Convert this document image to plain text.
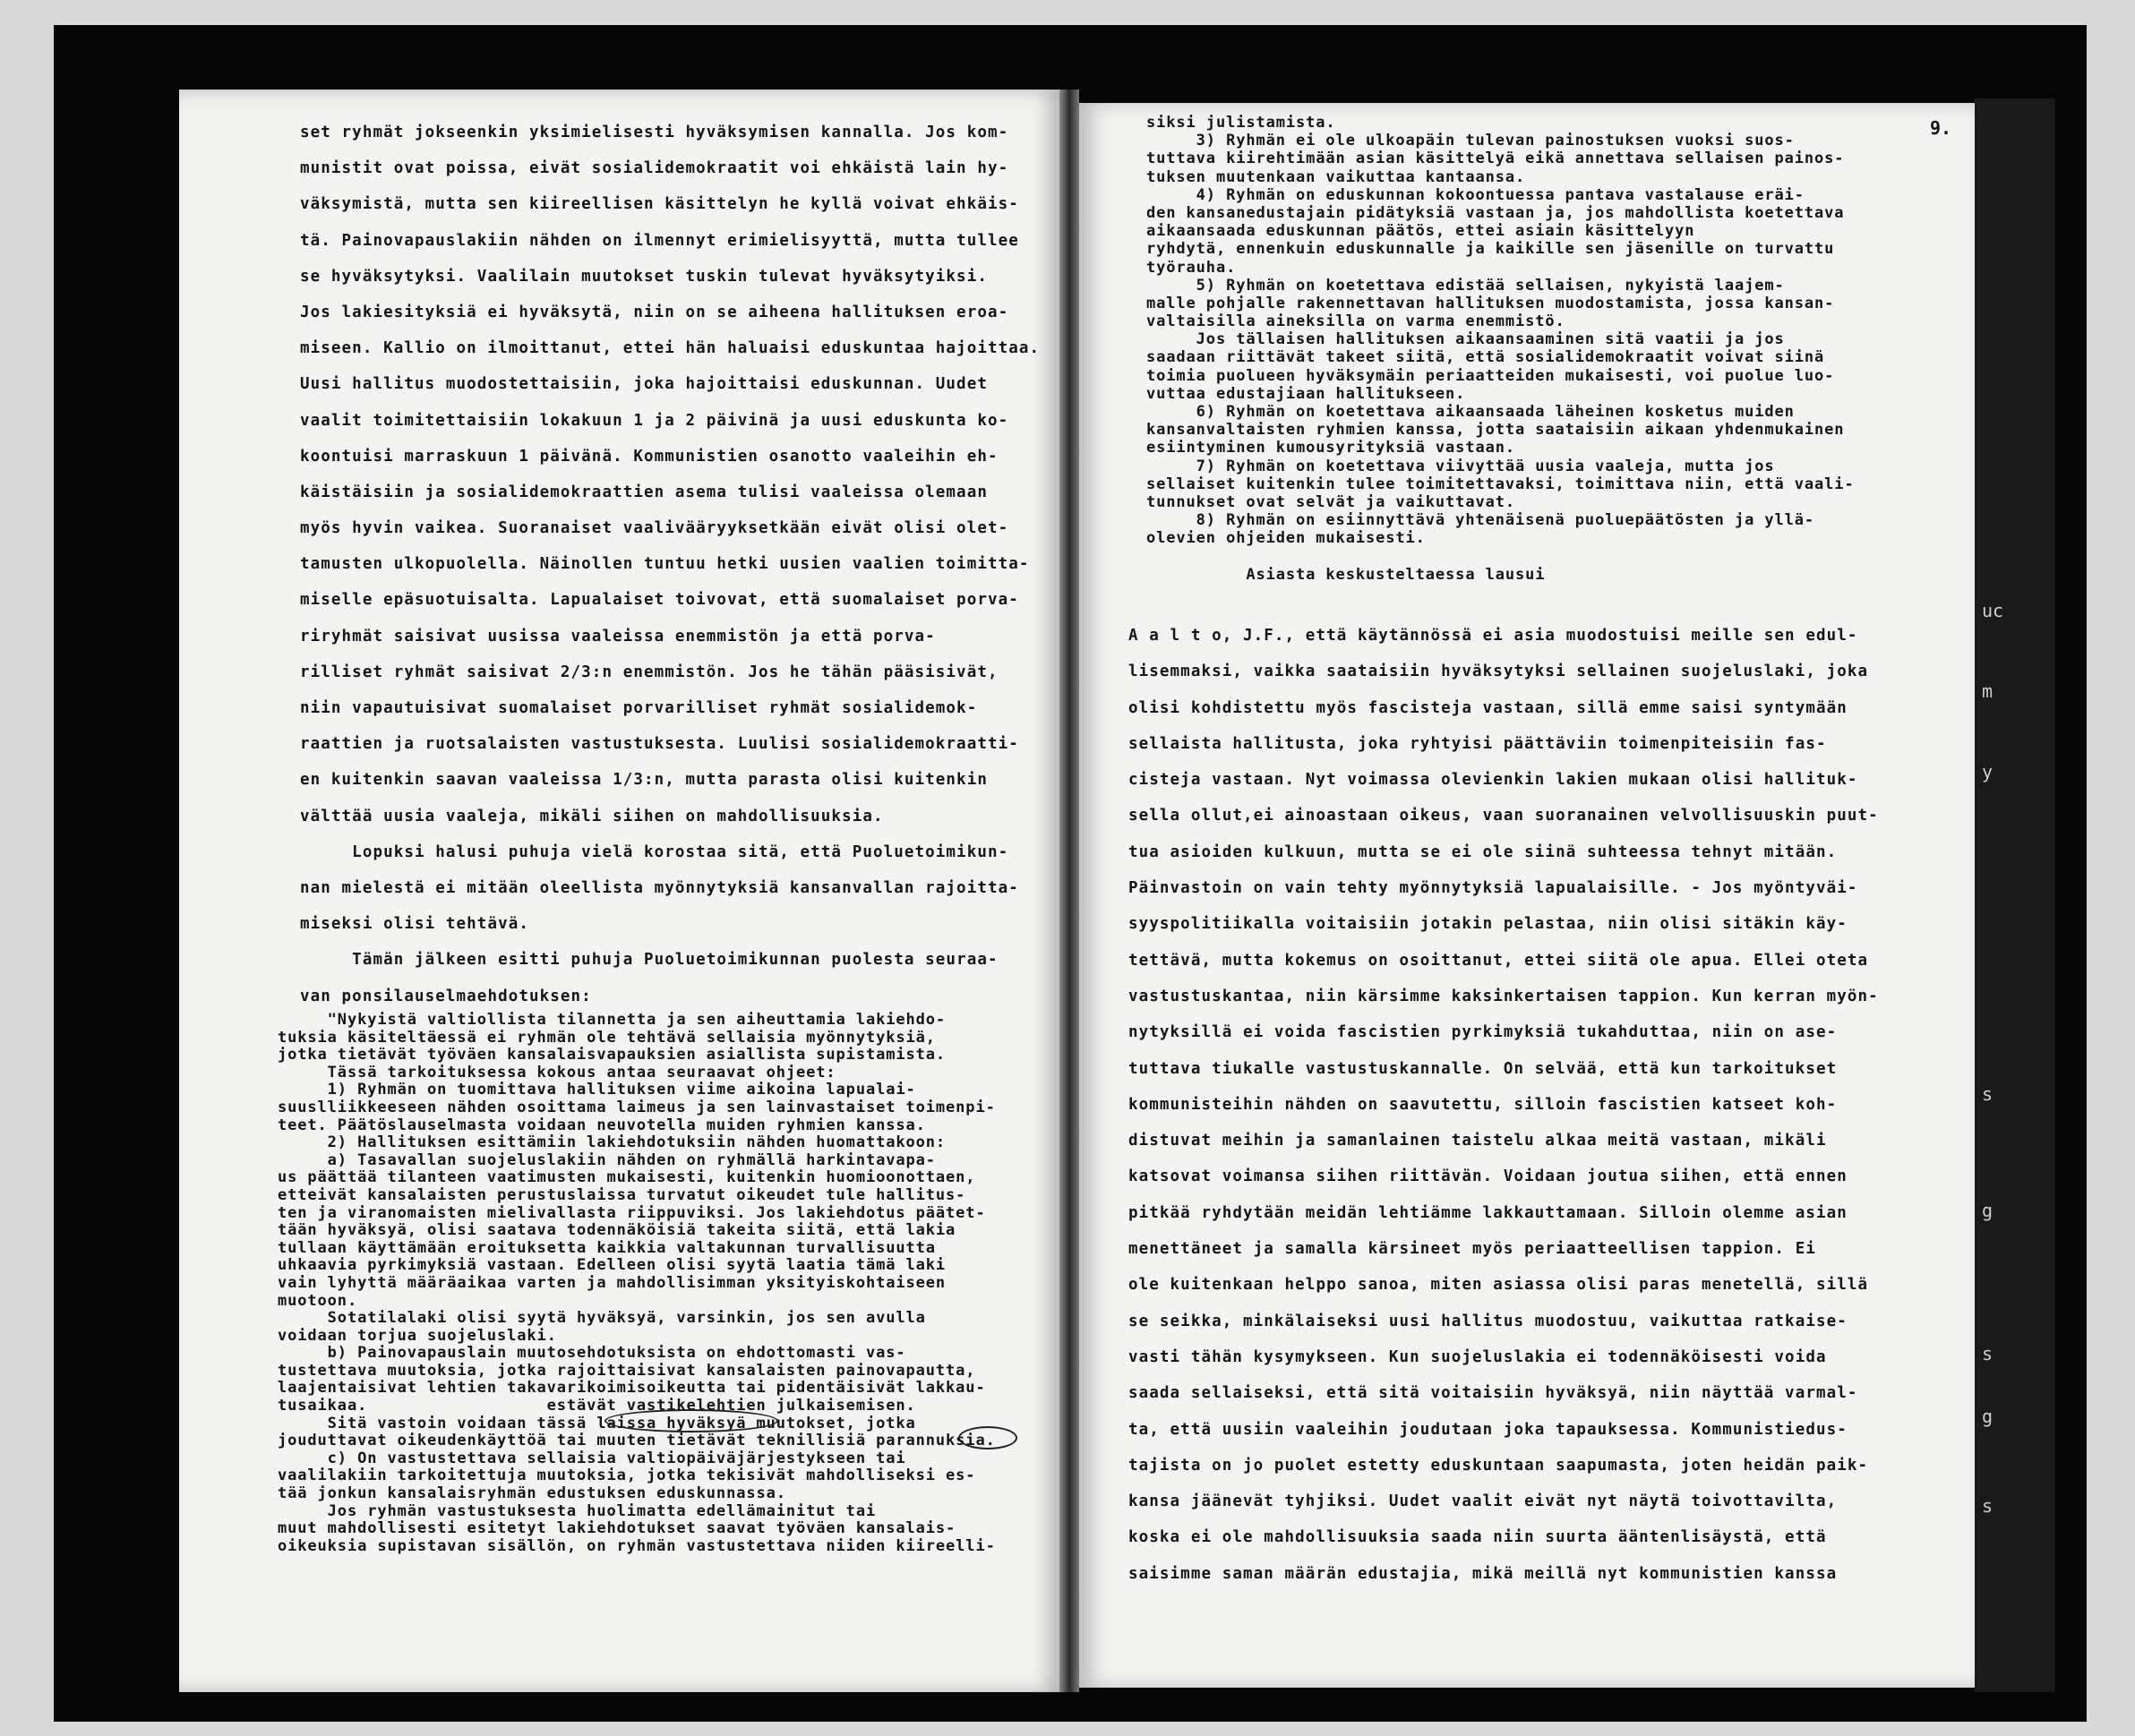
set ryhmät jokseenkin yksimielisesti hyväksymisen kannalla. Jos kom-
munistit ovat poissa, eivät sosialidemokraatit voi ehkäistä lain hy-
väksymistä, mutta sen kiireellisen käsittelyn he kyllä voivat ehkäis-
tä. Painovapauslakiin nähden on ilmennyt erimielisyyttä, mutta tullee
se hyväksytyksi. Vaalilain muutokset tuskin tulevat hyväksytyiksi.
Jos lakiesityksiä ei hyväksytä, niin on se aiheena hallituksen eroa-
miseen. Kallio on ilmoittanut, ettei hän haluaisi eduskuntaa hajoittaa.
Uusi hallitus muodostettaisiin, joka hajoittaisi eduskunnan. Uudet
vaalit toimitettaisiin lokakuun 1 ja 2 päivinä ja uusi eduskunta ko-
koontuisi marraskuun 1 päivänä. Kommunistien osanotto vaaleihin eh-
käistäisiin ja sosialidemokraattien asema tulisi vaaleissa olemaan
myös hyvin vaikea. Suoranaiset vaalivääryyksetkään eivät olisi olet-
tamusten ulkopuolella. Näinollen tuntuu hetki uusien vaalien toimitta-
miselle epäsuotuisalta. Lapualaiset toivovat, että suomalaiset porva-
riryhmät saisivat uusissa vaaleissa enemmistön ja että porva-
rilliset ryhmät saisivat 2/3:n enemmistön. Jos he tähän pääsisivät,
niin vapautuisivat suomalaiset porvarilliset ryhmät sosialidemok-
raattien ja ruotsalaisten vastustuksesta. Luulisi sosialidemokraatti-
en kuitenkin saavan vaaleissa 1/3:n, mutta parasta olisi kuitenkin
välttää uusia vaaleja, mikäli siihen on mahdollisuuksia.
Lopuksi halusi puhuja vielä korostaa sitä, että Puoluetoimikun-
nan mielestä ei mitään oleellista myönnytyksiä kansanvallan rajoitta-
miseksi olisi tehtävä.
Tämän jälkeen esitti puhuja Puoluetoimikunnan puolesta seuraa-
van ponsilauselmaehdotuksen:
"Nykyistä valtiollista tilannetta ja sen aiheuttamia lakiehdo-
tuksia käsiteltäessä ei ryhmän ole tehtävä sellaisia myönnytyksiä,
jotka tietävät työväen kansalaisvapauksien asiallista supistamista.
Tässä tarkoituksessa kokous antaa seuraavat ohjeet:
1) Ryhmän on tuomittava hallituksen viime aikoina lapualai-
suuslliikkeeseen nähden osoittama laimeus ja sen lainvastaiset toimenpi-
teet. Päätöslauselmasta voidaan neuvotella muiden ryhmien kanssa.
2) Hallituksen esittämiin lakiehdotuksiin nähden huomattakoon:
a) Tasavallan suojeluslakiin nähden on ryhmällä harkintavapa-
us päättää tilanteen vaatimusten mukaisesti, kuitenkin huomioonottaen,
etteivät kansalaisten perustuslaissa turvatut oikeudet tule hallitus-
ten ja viranomaisten mielivallasta riippuviksi. Jos lakiehdotus päätet-
tään hyväksyä, olisi saatava todennäköisiä takeita siitä, että lakia
tullaan käyttämään eroituksetta kaikkia valtakunnan turvallisuutta
uhkaavia pyrkimyksiä vastaan. Edelleen olisi syytä laatia tämä laki
vain lyhyttä määräaikaa varten ja mahdollisimman yksityiskohtaiseen
muotoon.
Sotatilalaki olisi syytä hyväksyä, varsinkin, jos sen avulla
voidaan torjua suojeluslaki.
b) Painovapauslain muutosehdotuksista on ehdottomasti vas-
tustettava muutoksia, jotka rajoittaisivat kansalaisten painovapautta,
laajentaisivat lehtien takavarikoimisoikeutta tai pidentäisivät lakkau-
tusaikaa.                  estävät vastikelehtien julkaisemisen.
Sitä vastoin voidaan tässä laissa hyväksyä muutokset, jotka
jouduttavat oikeudenkäyttöä tai muuten tietävät teknillisiä parannuksia.
c) On vastustettava sellaisia valtiopäiväjärjestykseen tai
vaalilakiin tarkoitettuja muutoksia, jotka tekisivät mahdolliseksi es-
tää jonkun kansalaisryhmän edustuksen eduskunnassa.
Jos ryhmän vastustuksesta huolimatta edellämainitut tai
muut mahdollisesti esitetyt lakiehdotukset saavat työväen kansalais-
oikeuksia supistavan sisällön, on ryhmän vastustettava niiden kiireelli-
9.
siksi julistamista.
3) Ryhmän ei ole ulkoapäin tulevan painostuksen vuoksi suos-
tuttava kiirehtimään asian käsittelyä eikä annettava sellaisen painos-
tuksen muutenkaan vaikuttaa kantaansa.
4) Ryhmän on eduskunnan kokoontuessa pantava vastalause eräi-
den kansanedustajain pidätyksiä vastaan ja, jos mahdollista koetettava
aikaansaada eduskunnan päätös, ettei asiain käsittelyyn
ryhdytä, ennenkuin eduskunnalle ja kaikille sen jäsenille on turvattu
työrauha.
5) Ryhmän on koetettava edistää sellaisen, nykyistä laajem-
malle pohjalle rakennettavan hallituksen muodostamista, jossa kansan-
valtaisilla aineksilla on varma enemmistö.
Jos tällaisen hallituksen aikaansaaminen sitä vaatii ja jos
saadaan riittävät takeet siitä, että sosialidemokraatit voivat siinä
toimia puolueen hyväksymäin periaatteiden mukaisesti, voi puolue luo-
vuttaa edustajiaan hallitukseen.
6) Ryhmän on koetettava aikaansaada läheinen kosketus muiden
kansanvaltaisten ryhmien kanssa, jotta saataisiin aikaan yhdenmukainen
esiintyminen kumousyrityksiä vastaan.
7) Ryhmän on koetettava viivyttää uusia vaaleja, mutta jos
sellaiset kuitenkin tulee toimitettavaksi, toimittava niin, että vaali-
tunnukset ovat selvät ja vaikuttavat.
8) Ryhmän on esiinnyttävä yhtenäisenä puoluepäätösten ja yllä-
olevien ohjeiden mukaisesti.
Asiasta keskusteltaessa lausui
A a l t o, J.F., että käytännössä ei asia muodostuisi meille sen edul-
lisemmaksi, vaikka saataisiin hyväksytyksi sellainen suojeluslaki, joka
olisi kohdistettu myös fascisteja vastaan, sillä emme saisi syntymään
sellaista hallitusta, joka ryhtyisi päättäviin toimenpiteisiin fas-
cisteja vastaan. Nyt voimassa olevienkin lakien mukaan olisi hallituk-
sella ollut,ei ainoastaan oikeus, vaan suoranainen velvollisuuskin puut-
tua asioiden kulkuun, mutta se ei ole siinä suhteessa tehnyt mitään.
Päinvastoin on vain tehty myönnytyksiä lapualaisille. - Jos myöntyväi-
syyspolitiikalla voitaisiin jotakin pelastaa, niin olisi sitäkin käy-
tettävä, mutta kokemus on osoittanut, ettei siitä ole apua. Ellei oteta
vastustuskantaa, niin kärsimme kaksinkertaisen tappion. Kun kerran myön-
nytyksillä ei voida fascistien pyrkimyksiä tukahduttaa, niin on ase-
tuttava tiukalle vastustuskannalle. On selvää, että kun tarkoitukset
kommunisteihin nähden on saavutettu, silloin fascistien katseet koh-
distuvat meihin ja samanlainen taistelu alkaa meitä vastaan, mikäli
katsovat voimansa siihen riittävän. Voidaan joutua siihen, että ennen
pitkää ryhdytään meidän lehtiämme lakkauttamaan. Silloin olemme asian
menettäneet ja samalla kärsineet myös periaatteellisen tappion. Ei
ole kuitenkaan helppo sanoa, miten asiassa olisi paras menetellä, sillä
se seikka, minkälaiseksi uusi hallitus muodostuu, vaikuttaa ratkaise-
vasti tähän kysymykseen. Kun suojeluslakia ei todennäköisesti voida
saada sellaiseksi, että sitä voitaisiin hyväksyä, niin näyttää varmal-
ta, että uusiin vaaleihin joudutaan joka tapauksessa. Kommunistiedus-
tajista on jo puolet estetty eduskuntaan saapumasta, joten heidän paik-
kansa jäänevät tyhjiksi. Uudet vaalit eivät nyt näytä toivottavilta,
koska ei ole mahdollisuuksia saada niin suurta ääntenlisäystä, että
saisimme saman määrän edustajia, mikä meillä nyt kommunistien kanssa
uc
m
y
s
g
s
g
s
